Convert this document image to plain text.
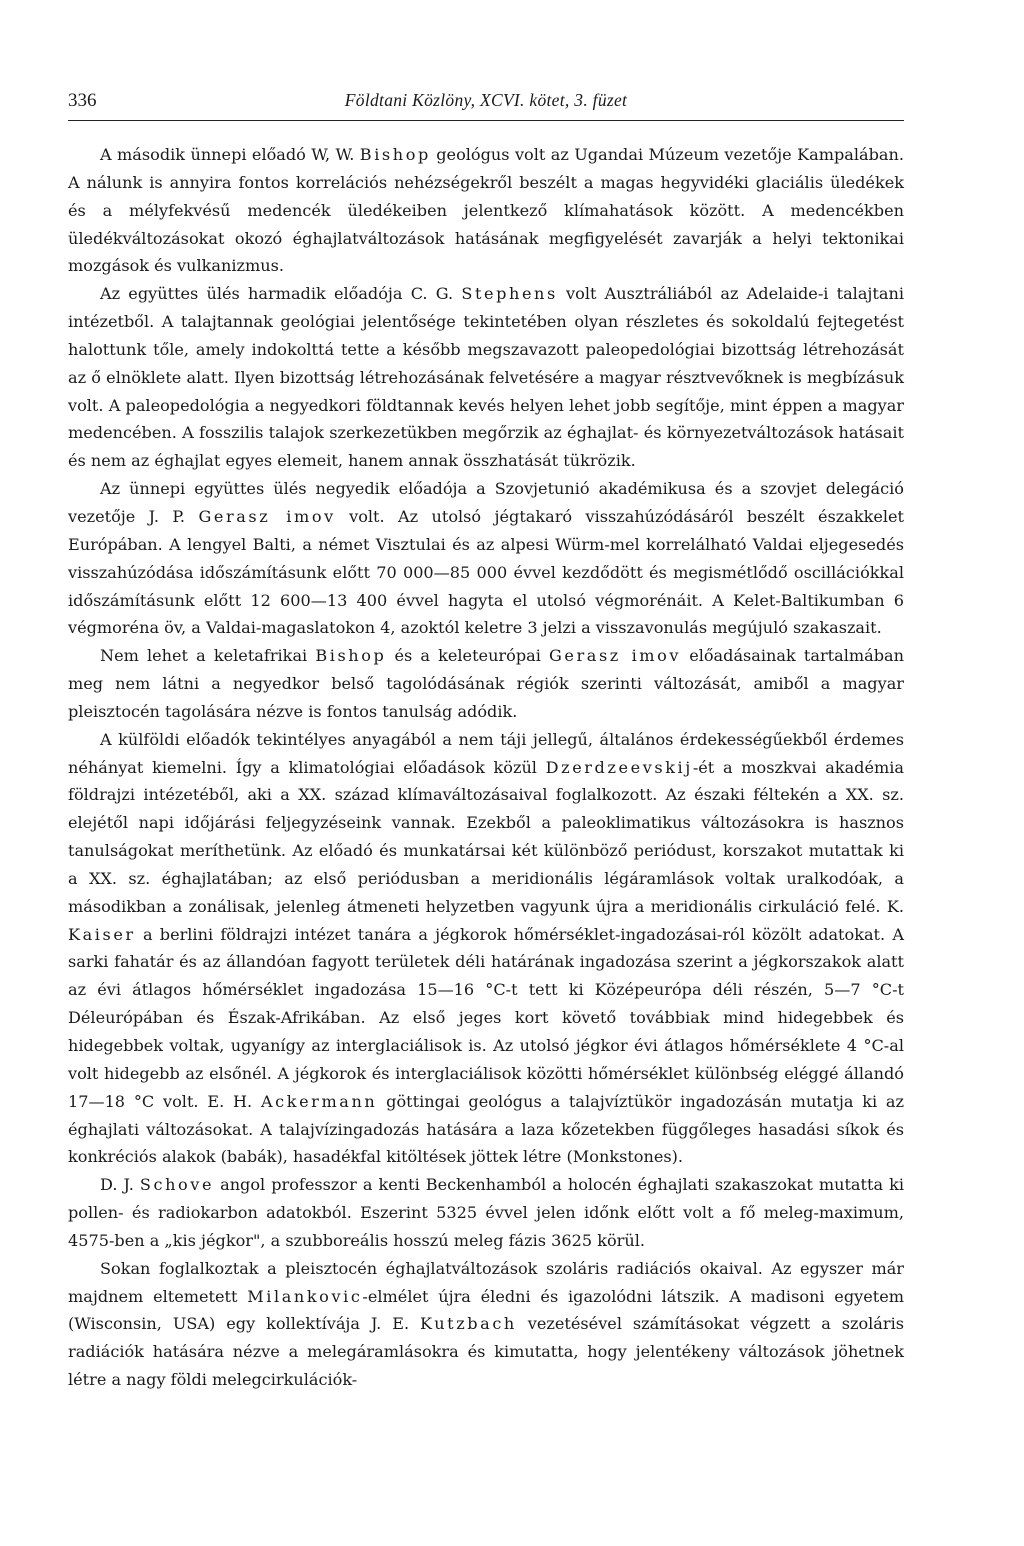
336	Földtani Közlöny, XCVI. kötet, 3. füzet

A második ünnepi előadó W, W. Bishop geológus volt az Ugandai Múzeum vezetője Kampalában. A nálunk is annyira fontos korrelációs nehézségekről beszélt a magas hegyvidéki glaciális üledékek és a mélyfekvésű medencék üledékeiben jelentkező klímahatások között. A medencékben üledékváltozásokat okozó éghajlatváltozások hatásának megfigyelését zavarják a helyi tektonikai mozgások és vulkanizmus.

Az együttes ülés harmadik előadója C. G. Stephens volt Ausztráliából az Adelaide-i talajtani intézetből. A talajtannak geológiai jelentősége tekintetében olyan részletes és sokoldalú fejtegetést halottunk tőle, amely indokolttá tette a később megszavazott paleopedológiai bizottság létrehozását az ő elnöklete alatt. Ilyen bizottság létrehozásának felvetésére a magyar résztvevőknek is megbízásuk volt. A paleopedológia a negyedkori földtannak kevés helyen lehet jobb segítője, mint éppen a magyar medencében. A fosszilis talajok szerkezetükben megőrzik az éghajlat- és környezetváltozások hatásait és nem az éghajlat egyes elemeit, hanem annak összhatását tükrözik.

Az ünnepi együttes ülés negyedik előadója a Szovjetunió akadémikusa és a szovjet delegáció vezetője J. P. Gerasz imov volt. Az utolsó jégtakaró visszahúzódásáról beszélt északkelet Európában. A lengyel Balti, a német Visztulai és az alpesi Würm-mel korrelálható Valdai eljegesedés visszahúzódása időszámításunk előtt 70 000—85 000 évvel kezdődött és megismétlődő oscillációkkal időszámításunk előtt 12 600—13 400 évvel hagyta el utolsó végmorénáit. A Kelet-Baltikumban 6 végmoréna öv, a Valdai-magaslatokon 4, azoktól keletre 3 jelzi a visszavonulás megújuló szakaszait.

Nem lehet a keletafrikai Bishop és a keleteurópai Gerasz imov előadásainak tartalmában meg nem látni a negyedkor belső tagolódásának régiók szerinti változását, amiből a magyar pleisztocén tagolására nézve is fontos tanulság adódik.

A külföldi előadók tekintélyes anyagából a nem táji jellegű, általános érdekességűekből érdemes néhányat kiemelni. Így a klimatológiai előadások közül Dzerdzeevskij-ét a moszkvai akadémia földrajzi intézetéből, aki a XX. század klímaváltozásaival foglalkozott. Az északi féltekén a XX. sz. elejétől napi időjárási feljegyzéseink vannak. Ezekből a paleoklimatikus változásokra is hasznos tanulságokat meríthetünk. Az előadó és munkatársai két különböző periódust, korszakot mutattak ki a XX. sz. éghajlatában; az első periódusban a meridionális légáramlások voltak uralkodóak, a másodikban a zonálisak, jelenleg átmeneti helyzetben vagyunk újra a meridionális cirkuláció felé. K. Kaiser a berlini földrajzi intézet tanára a jégkorok hőmérséklet-ingadozásai-ról közölt adatokat. A sarki fahatár és az állandóan fagyott területek déli határának ingadozása szerint a jégkorszakok alatt az évi átlagos hőmérséklet ingadozása 15—16 °C-t tett ki Középeurópa déli részén, 5—7 °C-t Déleurópában és Észak-Afrikában. Az első jeges kort követő továbbiak mind hidegebbek és hidegebbek voltak, ugyanígy az interglaciálisok is. Az utolsó jégkor évi átlagos hőmérséklete 4 °C-al volt hidegebb az elsőnél. A jégkorok és interglaciálisok közötti hőmérséklet különbség eléggé állandó 17—18 °C volt. E. H. Ackermann göttingai geológus a talajvíztükör ingadozásán mutatja ki az éghajlati változásokat. A talajvízingadozás hatására a laza kőzetekben függőleges hasadási síkok és konkréciós alakok (babák), hasadékfal kitöltések jöttek létre (Monkstones).

D. J. Schove angol professzor a kenti Beckenhamból a holocén éghajlati szakaszokat mutatta ki pollen- és radiokarbon adatokból. Eszerint 5325 évvel jelen időnk előtt volt a fő meleg-maximum, 4575-ben a „kis jégkor", a szubboreális hosszú meleg fázis 3625 körül.

Sokan foglalkoztak a pleisztocén éghajlatváltozások szoláris radiációs okaival. Az egyszer már majdnem eltemetett Milankovic-elmélet újra éledni és igazolódni látszik. A madisoni egyetem (Wisconsin, USA) egy kollektívája J. E. Kutzbach vezetésével számításokat végzett a szoláris radiációk hatására nézve a melegáramlásokra és kimutatta, hogy jelentékeny változások jöhetnek létre a nagy földi melegcirkulációk-
